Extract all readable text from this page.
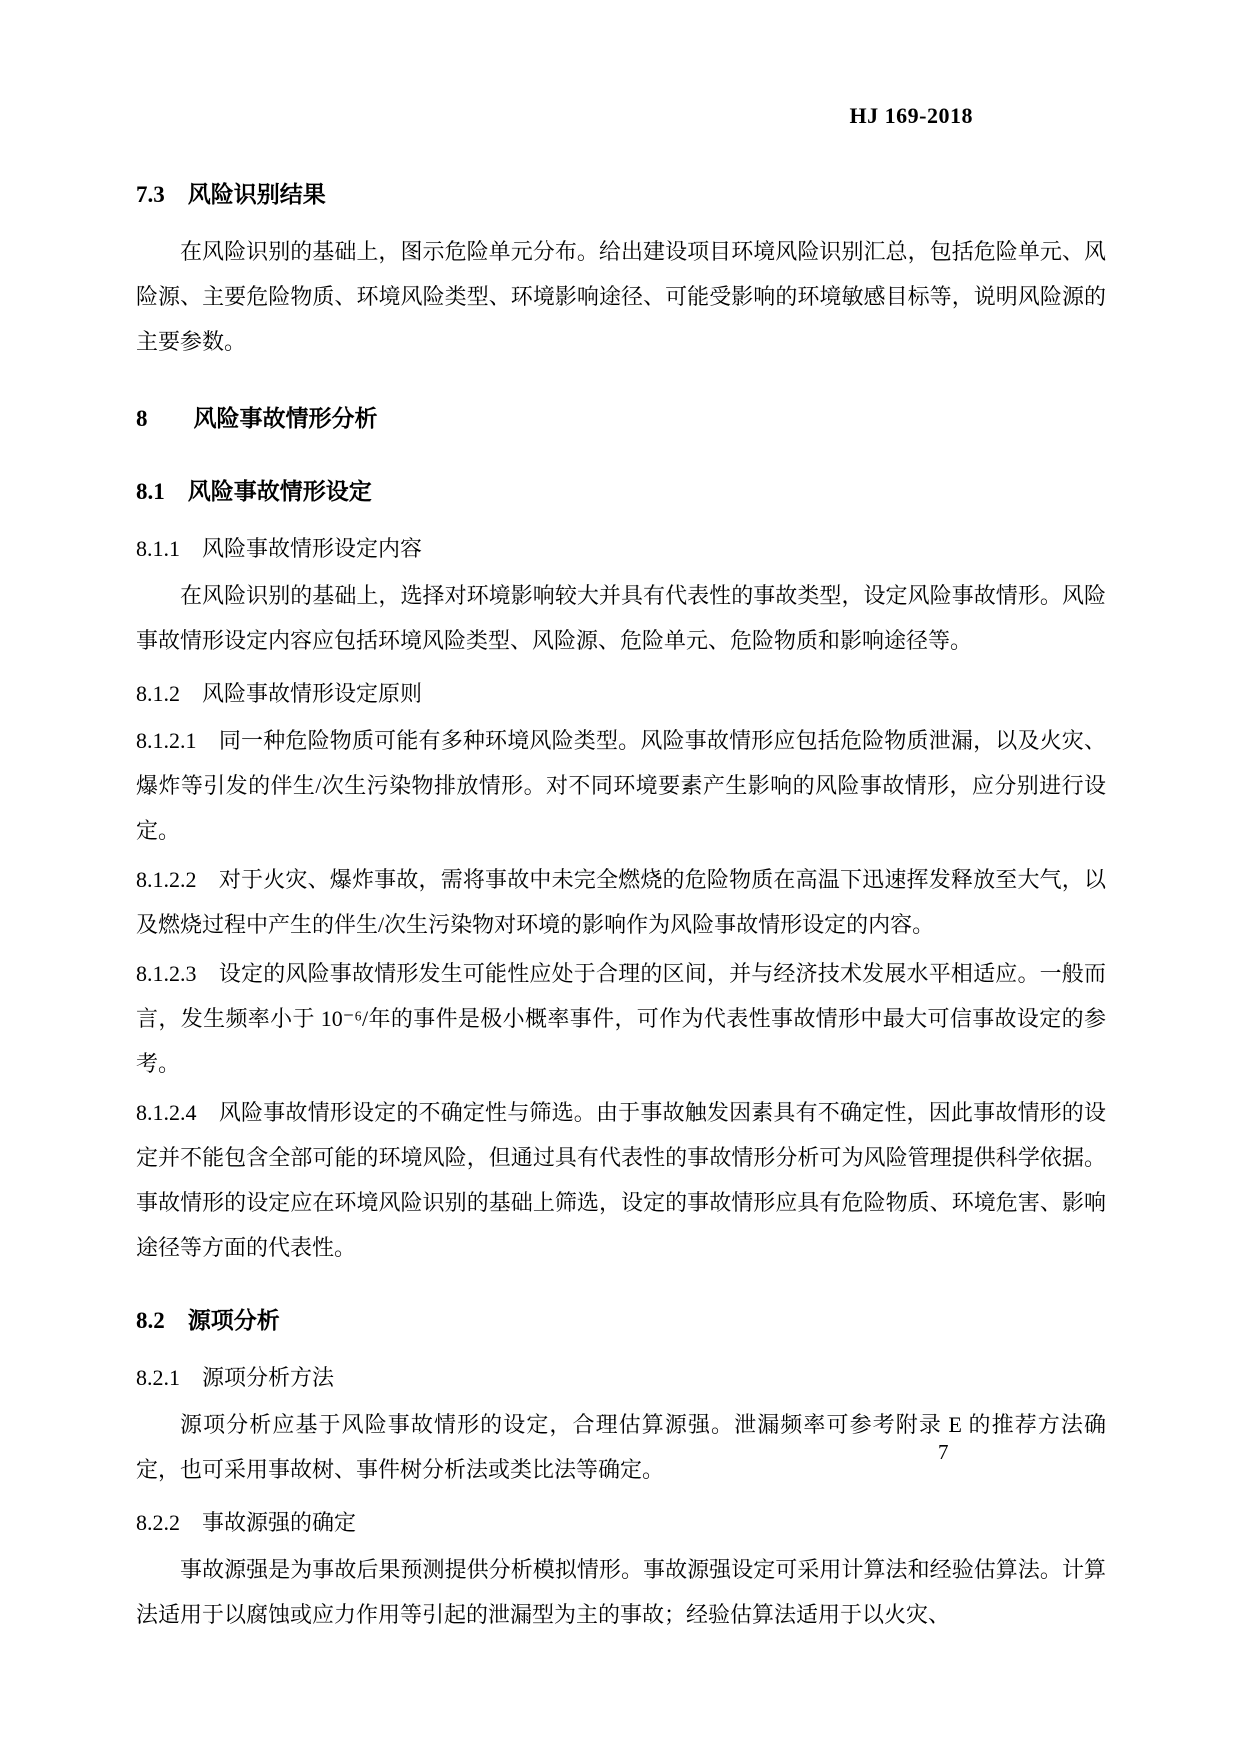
HJ 169-2018
7.3　风险识别结果
在风险识别的基础上，图示危险单元分布。给出建设项目环境风险识别汇总，包括危险单元、风险源、主要危险物质、环境风险类型、环境影响途径、可能受影响的环境敏感目标等，说明风险源的主要参数。
8　　风险事故情形分析
8.1　风险事故情形设定
8.1.1　风险事故情形设定内容
在风险识别的基础上，选择对环境影响较大并具有代表性的事故类型，设定风险事故情形。风险事故情形设定内容应包括环境风险类型、风险源、危险单元、危险物质和影响途径等。
8.1.2　风险事故情形设定原则
8.1.2.1　同一种危险物质可能有多种环境风险类型。风险事故情形应包括危险物质泄漏，以及火灾、爆炸等引发的伴生/次生污染物排放情形。对不同环境要素产生影响的风险事故情形，应分别进行设定。
8.1.2.2　对于火灾、爆炸事故，需将事故中未完全燃烧的危险物质在高温下迅速挥发释放至大气，以及燃烧过程中产生的伴生/次生污染物对环境的影响作为风险事故情形设定的内容。
8.1.2.3　设定的风险事故情形发生可能性应处于合理的区间，并与经济技术发展水平相适应。一般而言，发生频率小于 10⁻⁶/年的事件是极小概率事件，可作为代表性事故情形中最大可信事故设定的参考。
8.1.2.4　风险事故情形设定的不确定性与筛选。由于事故触发因素具有不确定性，因此事故情形的设定并不能包含全部可能的环境风险，但通过具有代表性的事故情形分析可为风险管理提供科学依据。事故情形的设定应在环境风险识别的基础上筛选，设定的事故情形应具有危险物质、环境危害、影响途径等方面的代表性。
8.2　源项分析
8.2.1　源项分析方法
源项分析应基于风险事故情形的设定，合理估算源强。泄漏频率可参考附录 E 的推荐方法确定，也可采用事故树、事件树分析法或类比法等确定。
8.2.2　事故源强的确定
事故源强是为事故后果预测提供分析模拟情形。事故源强设定可采用计算法和经验估算法。计算法适用于以腐蚀或应力作用等引起的泄漏型为主的事故；经验估算法适用于以火灾、
7
